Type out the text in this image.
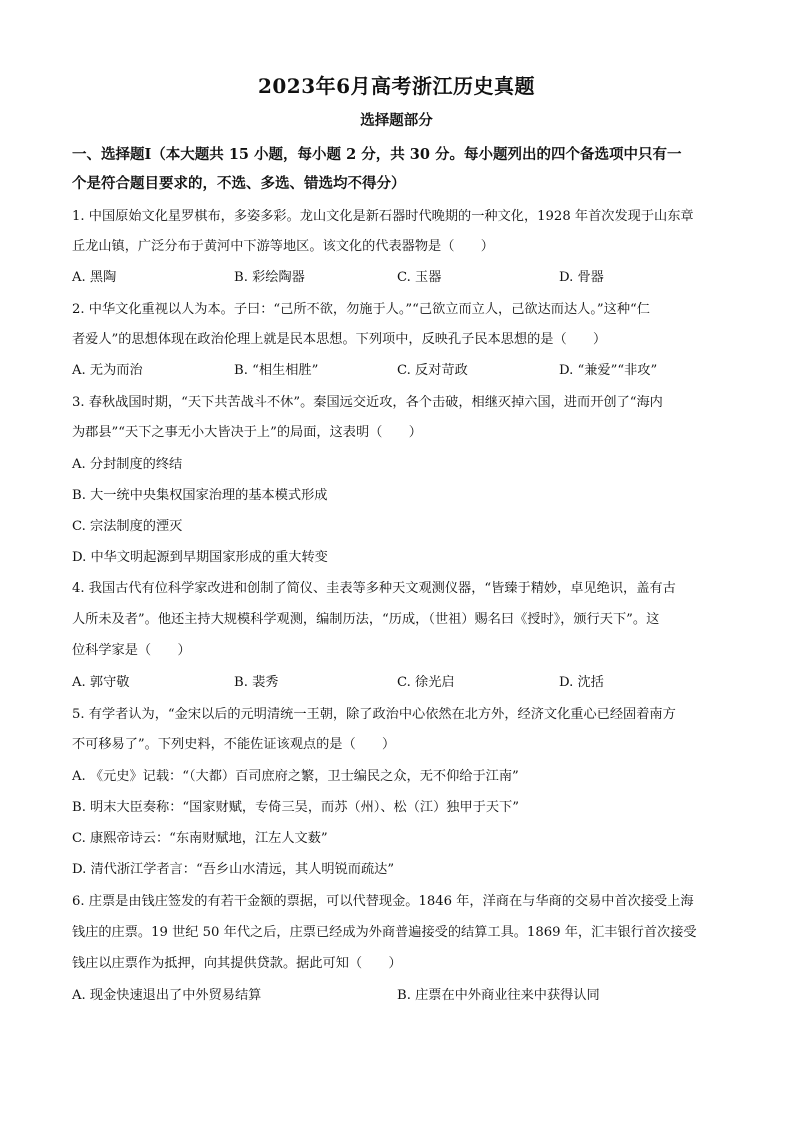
2023年6月高考浙江历史真题
选择题部分
一、选择题Ⅰ（本大题共 15 小题，每小题 2 分，共 30 分。每小题列出的四个备选项中只有一
个是符合题目要求的，不选、多选、错选均不得分）
1. 中国原始文化星罗棋布，多姿多彩。龙山文化是新石器时代晚期的一种文化，1928 年首次发现于山东章
丘龙山镇，广泛分布于黄河中下游等地区。该文化的代表器物是（　　）
A. 黑陶	B. 彩绘陶器	C. 玉器	D. 骨器
2. 中华文化重视以人为本。子曰：“己所不欲，勿施于人。”“己欲立而立人，己欲达而达人。”这种“仁
者爱人”的思想体现在政治伦理上就是民本思想。下列项中，反映孔子民本思想的是（　　）
A. 无为而治	B. “相生相胜”	C. 反对苛政	D. “兼爱”“非攻”
3. 春秋战国时期，“天下共苦战斗不休”。秦国远交近攻，各个击破，相继灭掉六国，进而开创了“海内
为郡县”“天下之事无小大皆决于上”的局面，这表明（　　）
A. 分封制度的终结
B. 大一统中央集权国家治理的基本模式形成
C. 宗法制度的湮灭
D. 中华文明起源到早期国家形成的重大转变
4. 我国古代有位科学家改进和创制了简仪、圭表等多种天文观测仪器，“皆臻于精妙，卓见绝识，盖有古
人所未及者”。他还主持大规模科学观测，编制历法，“历成，（世祖）赐名曰《授时》，颁行天下”。这
位科学家是（　　）
A. 郭守敬	B. 裴秀	C. 徐光启	D. 沈括
5. 有学者认为，“金宋以后的元明清统一王朝，除了政治中心依然在北方外，经济文化重心已经固着南方
不可移易了”。下列史料，不能佐证该观点的是（　　）
A. 《元史》记载：“（大都）百司庶府之繁，卫士编民之众，无不仰给于江南”
B. 明末大臣奏称：“国家财赋，专倚三吴，而苏（州）、松（江）独甲于天下”
C. 康熙帝诗云：“东南财赋地，江左人文薮”
D. 清代浙江学者言：“吾乡山水清远，其人明锐而疏达”
6. 庄票是由钱庄签发的有若干金额的票据，可以代替现金。1846 年，洋商在与华商的交易中首次接受上海
钱庄的庄票。19 世纪 50 年代之后，庄票已经成为外商普遍接受的结算工具。1869 年，汇丰银行首次接受
钱庄以庄票作为抵押，向其提供贷款。据此可知（　　）
A. 现金快速退出了中外贸易结算	B. 庄票在中外商业往来中获得认同
